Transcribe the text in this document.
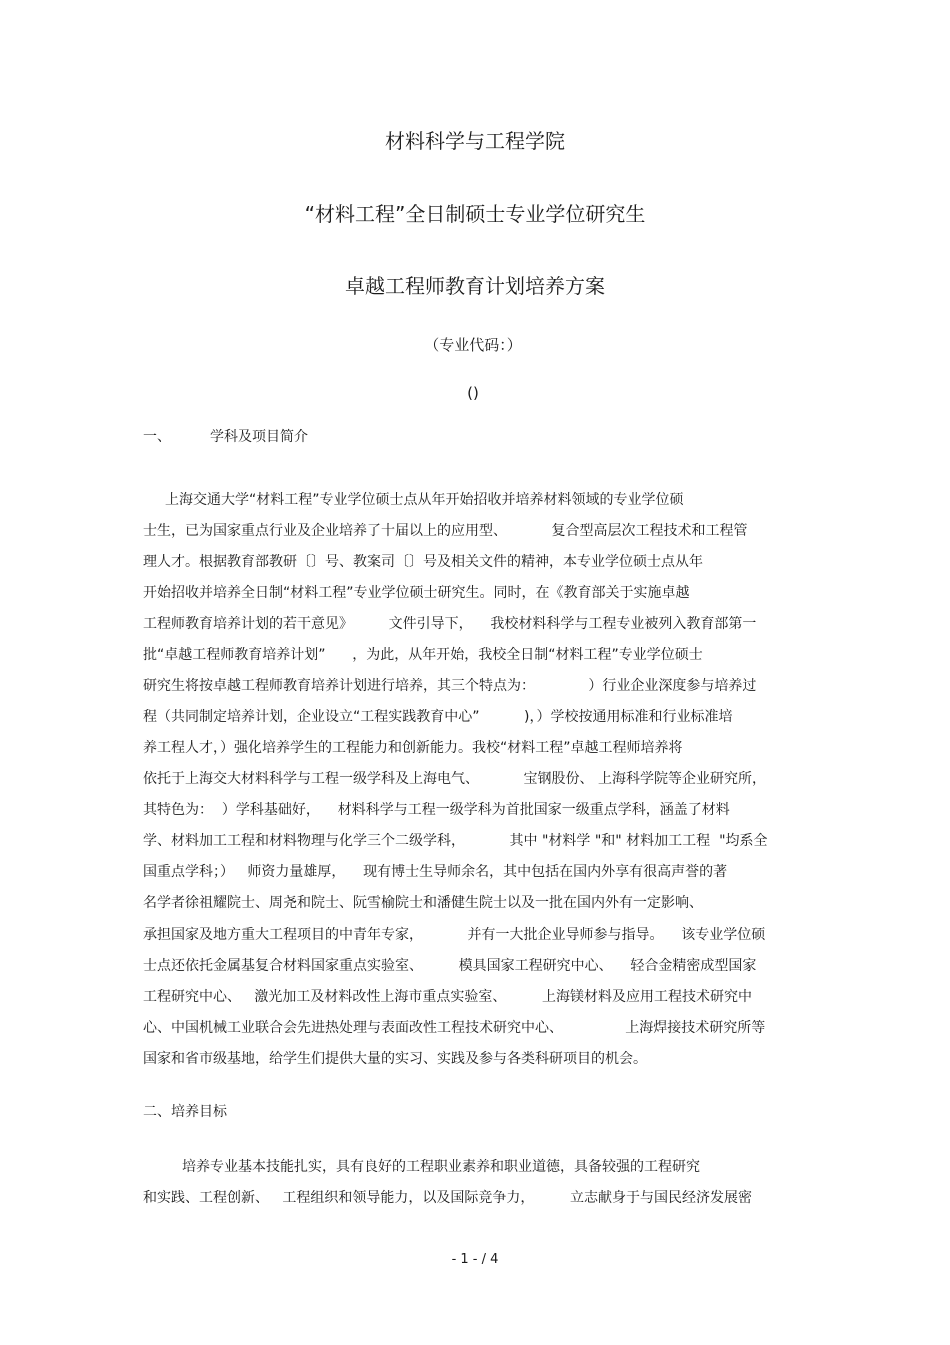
材料科学与工程学院
“材料工程”全日制硕士专业学位研究生
卓越工程师教育计划培养方案
（专业代码：）
()
一、	学科及项目简介
上海交通大学“材料工程”专业学位硕士点从年开始招收并培养材料领域的专业学位硕
士生，已为国家重点行业及企业培养了十届以上的应用型、          复合型高层次工程技术和工程管
理人才。根据教育部教研〔〕号、教案司〔〕号及相关文件的精神，本专业学位硕士点从年
开始招收并培养全日制“材料工程”专业学位硕士研究生。同时，在《教育部关于实施卓越
工程师教育培养计划的若干意见》        文件引导下，    我校材料科学与工程专业被列入教育部第一
批“卓越工程师教育培养计划”      ，为此，从年开始，我校全日制“材料工程”专业学位硕士
研究生将按卓越工程师教育培养计划进行培养，其三个特点为：            ）行业企业深度参与培养过
程（共同制定培养计划，企业设立“工程实践教育中心”          )，）学校按通用标准和行业标准培
养工程人才，）强化培养学生的工程能力和创新能力。我校“材料工程”卓越工程师培养将
依托于上海交大材料科学与工程一级学科及上海电气、          宝钢股份、 上海科学院等企业研究所，
其特色为：  ）学科基础好，    材料科学与工程一级学科为首批国家一级重点学科，涵盖了材料
学、材料加工工程和材料物理与化学三个二级学科，          其中 "材料学 "和" 材料加工工程  "均系全
国重点学科；）   师资力量雄厚，    现有博士生导师余名，其中包括在国内外享有很高声誉的著
名学者徐祖耀院士、周尧和院士、阮雪榆院士和潘健生院士以及一批在国内外有一定影响、
承担国家及地方重大工程项目的中青年专家，          并有一大批企业导师参与指导。    该专业学位硕
士点还依托金属基复合材料国家重点实验室、        模具国家工程研究中心、    轻合金精密成型国家
工程研究中心、   激光加工及材料改性上海市重点实验室、        上海镁材料及应用工程技术研究中
心、中国机械工业联合会先进热处理与表面改性工程技术研究中心、              上海焊接技术研究所等
国家和省市级基地，给学生们提供大量的实习、实践及参与各类科研项目的机会。
二、培养目标
培养专业基本技能扎实，具有良好的工程职业素养和职业道德，具备较强的工程研究
和实践、工程创新、   工程组织和领导能力，以及国际竞争力，        立志献身于与国民经济发展密
- 1 - / 4
